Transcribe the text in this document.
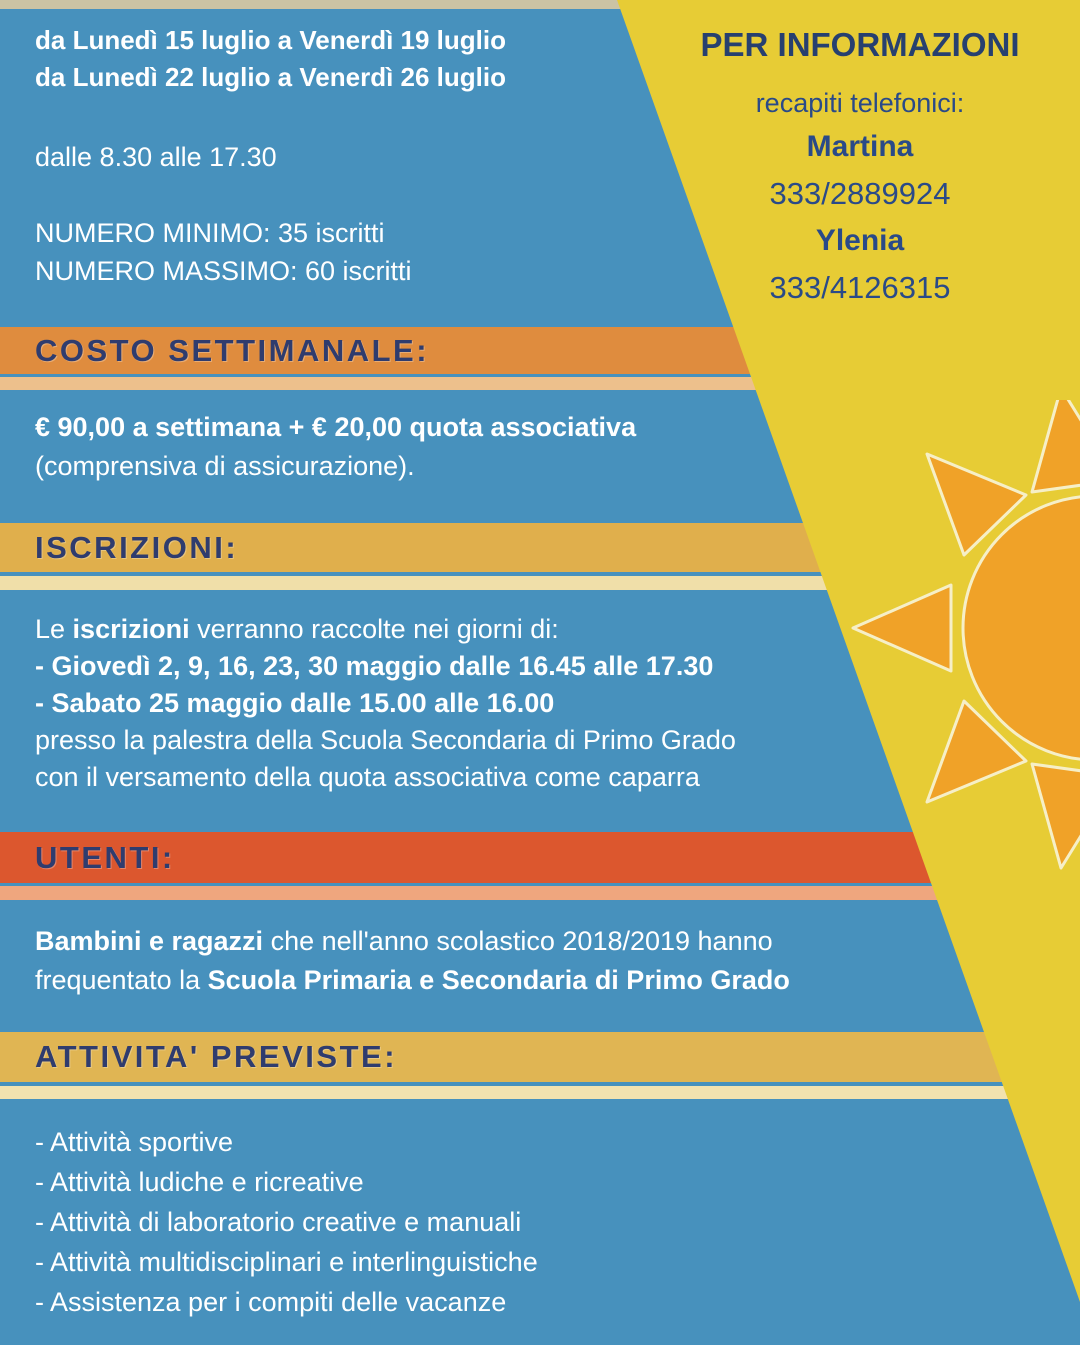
COSTO SETTIMANALE:
ISCRIZIONI:
UTENTI:
ATTIVITA' PREVISTE:
da Lunedì 15 luglio a Venerdì 19 luglio
da Lunedì 22 luglio a Venerdì 26 luglio
dalle 8.30 alle 17.30
NUMERO MINIMO: 35 iscritti
NUMERO MASSIMO: 60 iscritti
€ 90,00 a settimana + € 20,00 quota associativa
(comprensiva di assicurazione).
Le iscrizioni verranno raccolte nei giorni di:
- Giovedì 2, 9, 16, 23, 30 maggio dalle 16.45 alle 17.30
- Sabato 25 maggio dalle 15.00 alle 16.00
presso la palestra della Scuola Secondaria di Primo Grado
con il versamento della quota associativa come caparra
Bambini e ragazzi che nell'anno scolastico 2018/2019 hanno
frequentato la Scuola Primaria e Secondaria di Primo Grado
- Attività sportive
- Attività ludiche e ricreative
- Attività di laboratorio creative e manuali
- Attività multidisciplinari e interlinguistiche
- Assistenza per i compiti delle vacanze
PER INFORMAZIONI
recapiti telefonici:
Martina
333/2889924
Ylenia
333/4126315
